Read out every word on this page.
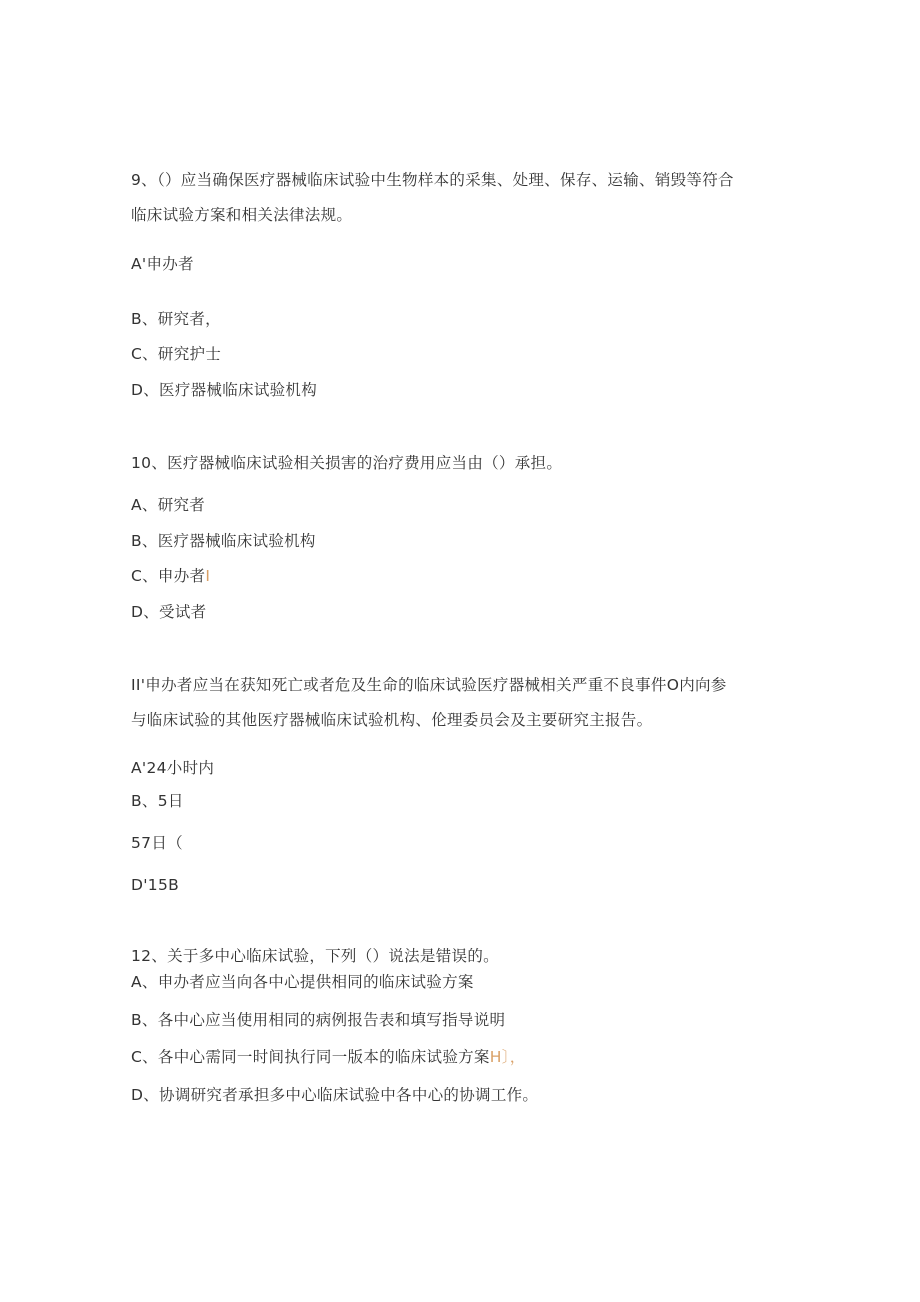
9、（）应当确保医疗器械临床试验中生物样本的采集、处理、保存、运输、销毁等符合
临床试验方案和相关法律法规。
A'申办者
B、研究者，
C、研究护士
D、医疗器械临床试验机构
10、医疗器械临床试验相关损害的治疗费用应当由（）承担。
A、研究者
B、医疗器械临床试验机构
C、申办者I
D、受试者
II'申办者应当在获知死亡或者危及生命的临床试验医疗器械相关严重不良事件O内向参
与临床试验的其他医疗器械临床试验机构、伦理委员会及主要研究主报告。
A'24小时内
B、5日
57日（
D'15B
12、关于多中心临床试验，下列（）说法是错误的。
A、申办者应当向各中心提供相同的临床试验方案
B、各中心应当使用相同的病例报告表和填写指导说明
C、各中心需同一时间执行同一版本的临床试验方案H〕，
D、协调研究者承担多中心临床试验中各中心的协调工作。
